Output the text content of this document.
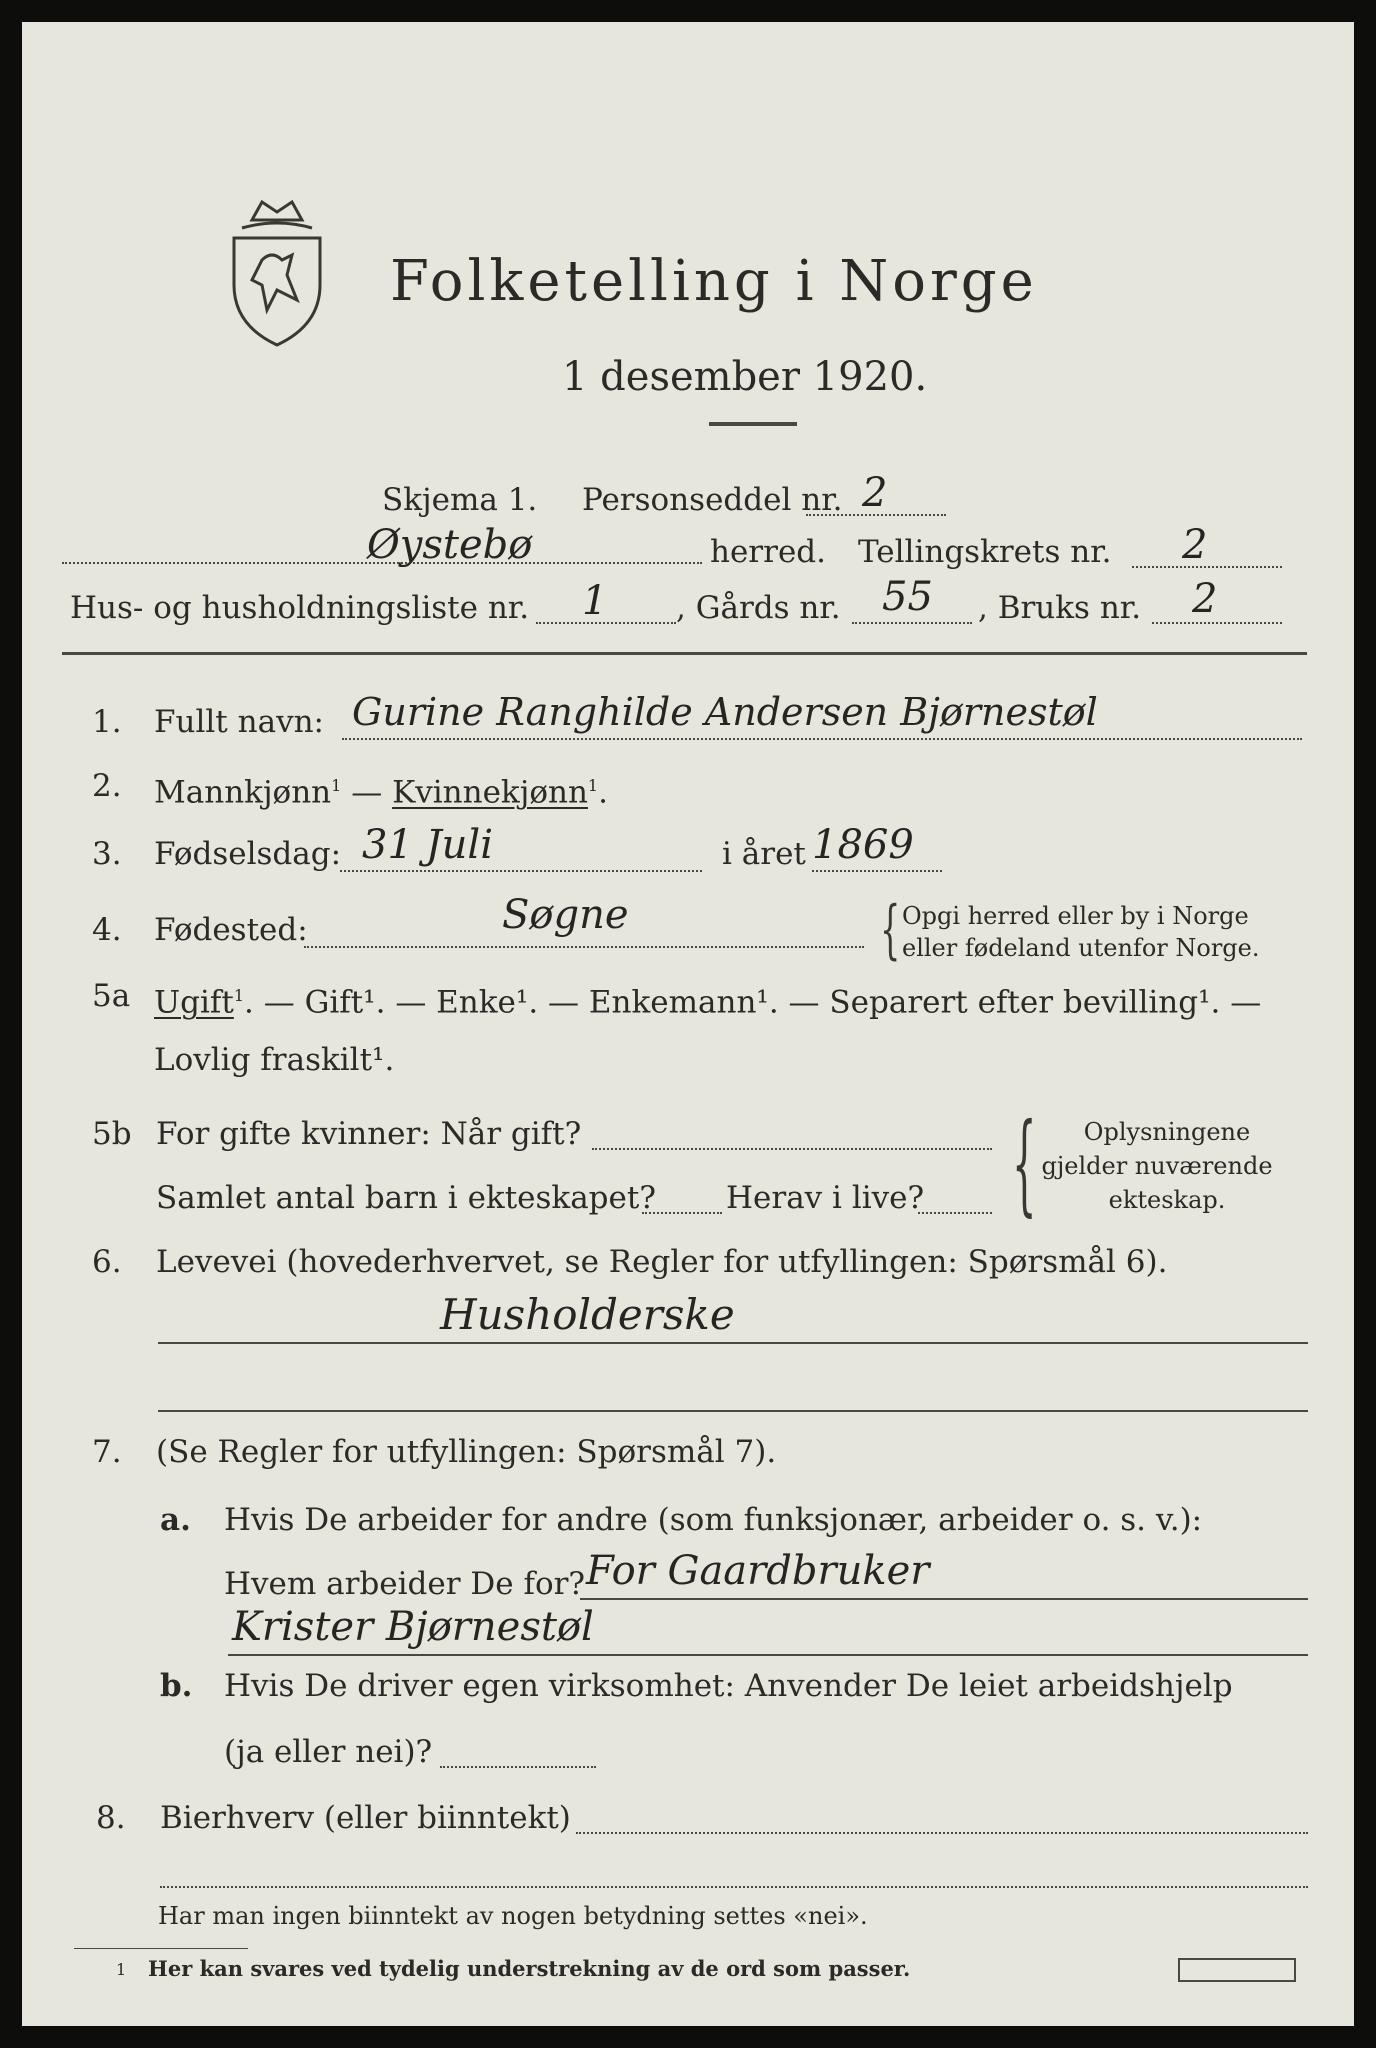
Folketelling i Norge
1 desember 1920.
Skjema 1. Personseddel nr. 2
Øystebø	herred. Tellingskrets nr. 2
Hus- og husholdningsliste nr. 1 , Gårds nr. 55 , Bruks nr. 2
1. Fullt navn: Gurine Ranghilde Andersen Bjørnestøl
2. Mannkjønn$^1$ — Kvinnekjønn$^1$.
3. Fødselsdag: 31 Juli	i året 1869
4. Fødested:	Søgne	{ Opgi herred eller by i Norge
eller fødeland utenfor Norge.
5a Ugift$^1$. — Gift¹. — Enke¹. — Enkemann¹. — Separert efter bevilling¹. —
Lovlig fraskilt¹.
5b For gifte kvinner: Når gift?
Samlet antal barn i ekteskapet? Herav i live? {	Oplysningene
gjelder nuværende
ekteskap.
6. Levevei (hovederhvervet, se Regler for utfyllingen: Spørsmål 6).
Husholderske
7. (Se Regler for utfyllingen: Spørsmål 7).
a. Hvis De arbeider for andre (som funksjonær, arbeider o. s. v.):
Hvem arbeider De for? For Gaardbruker
Krister Bjørnestøl
b. Hvis De driver egen virksomhet: Anvender De leiet arbeidshjelp
(ja eller nei)?
8. Bierhverv (eller biinntekt)
Har man ingen biinntekt av nogen betydning settes «nei».
1 Her kan svares ved tydelig understrekning av de ord som passer.
